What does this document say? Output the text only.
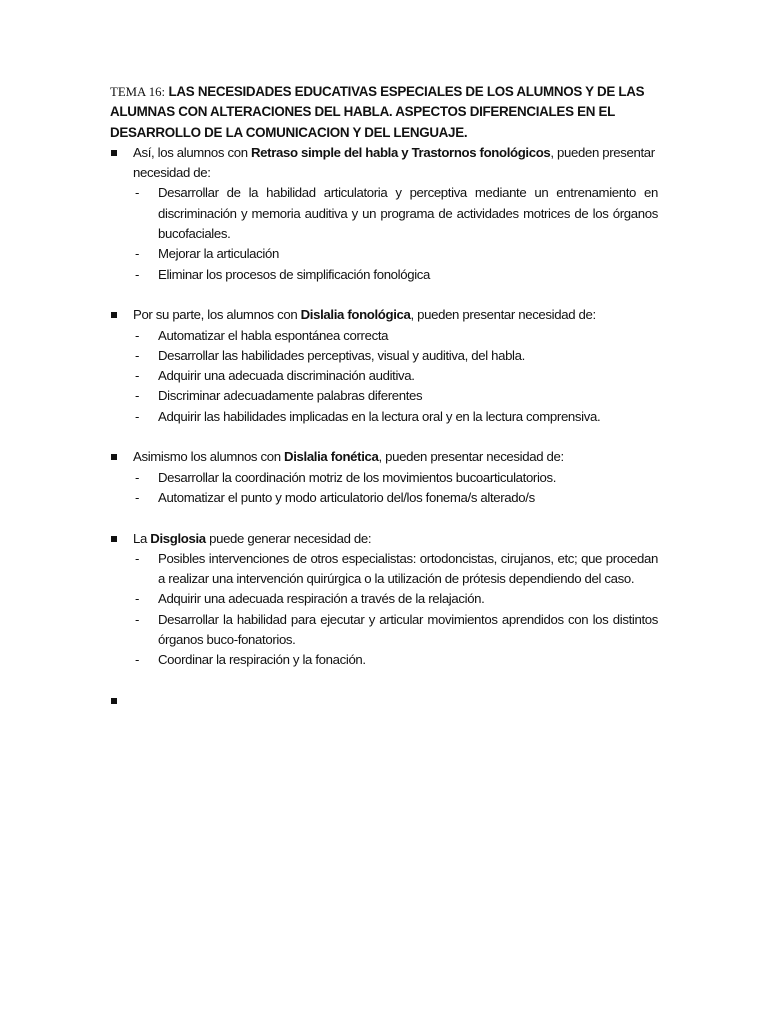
TEMA 16: LAS NECESIDADES EDUCATIVAS ESPECIALES DE LOS ALUMNOS Y DE LAS ALUMNAS CON ALTERACIONES DEL HABLA. ASPECTOS DIFERENCIALES EN EL DESARROLLO DE LA COMUNICACION Y DEL LENGUAJE.

Así, los alumnos con Retraso simple del habla y Trastornos fonológicos, pueden presentar necesidad de:
- Desarrollar de la habilidad articulatoria y perceptiva mediante un entrenamiento en discriminación y memoria auditiva y un programa de actividades motrices de los órganos bucofaciales.
- Mejorar la articulación
- Eliminar los procesos de simplificación fonológica
Por su parte, los alumnos con Dislalia fonológica, pueden presentar necesidad de:
- Automatizar el habla espontánea correcta
- Desarrollar las habilidades perceptivas, visual y auditiva, del habla.
- Adquirir una adecuada discriminación auditiva.
- Discriminar adecuadamente palabras diferentes
- Adquirir las habilidades implicadas en la lectura oral y en la lectura comprensiva.
Asimismo los alumnos con Dislalia fonética, pueden presentar necesidad de:
- Desarrollar la coordinación motriz de los movimientos bucoarticulatorios.
- Automatizar el punto y modo articulatorio del/los fonema/s alterado/s
La Disglosia puede generar necesidad de:
- Posibles intervenciones de otros especialistas: ortodoncistas, cirujanos, etc; que procedan a realizar una intervención quirúrgica o la utilización de prótesis dependiendo del caso.
- Adquirir una adecuada respiración a través de la relajación.
- Desarrollar la habilidad para ejecutar y articular movimientos aprendidos con los distintos órganos buco-fonatorios.
- Coordinar la respiración y la fonación.
